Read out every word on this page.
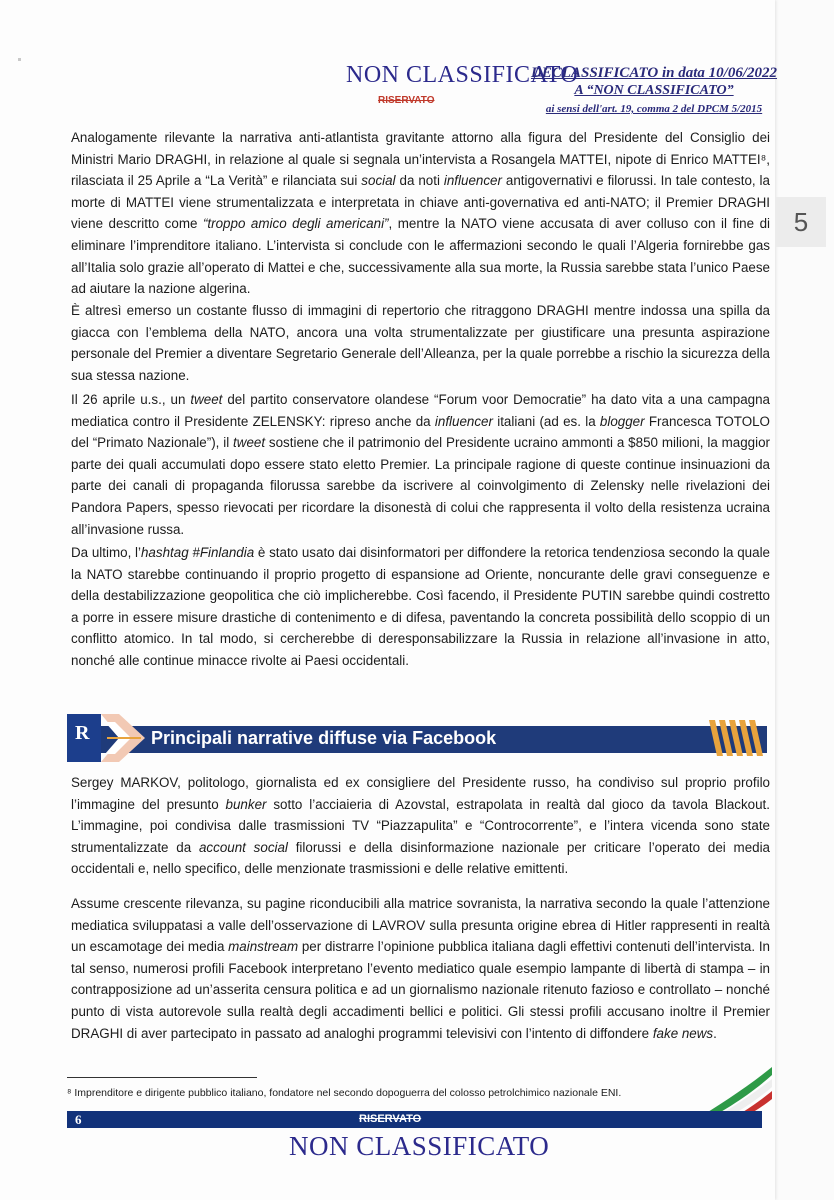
NON CLASSIFICATO
RISERVATO
DECLASSIFICATO in data 10/06/2022
A “NON CLASSIFICATO”
ai sensi dell'art. 19, comma 2 del DPCM 5/2015

Analogamente rilevante la narrativa anti-atlantista gravitante attorno alla figura del Presidente del Consiglio dei Ministri Mario DRAGHI, in relazione al quale si segnala un’intervista a Rosangela MATTEI, nipote di Enrico MATTEI⁸, rilasciata il 25 Aprile a “La Verità” e rilanciata sui social da noti influencer antigovernativi e filorussi. In tale contesto, la morte di MATTEI viene strumentalizzata e interpretata in chiave anti-governativa ed anti-NATO; il Premier DRAGHI viene descritto come “troppo amico degli americani”, mentre la NATO viene accusata di aver colluso con il fine di eliminare l’imprenditore italiano. L’intervista si conclude con le affermazioni secondo le quali l’Algeria fornirebbe gas all’Italia solo grazie all’operato di Mattei e che, successivamente alla sua morte, la Russia sarebbe stata l’unico Paese ad aiutare la nazione algerina.

È altresì emerso un costante flusso di immagini di repertorio che ritraggono DRAGHI mentre indossa una spilla da giacca con l’emblema della NATO, ancora una volta strumentalizzate per giustificare una presunta aspirazione personale del Premier a diventare Segretario Generale dell’Alleanza, per la quale porrebbe a rischio la sicurezza della sua stessa nazione.

Il 26 aprile u.s., un tweet del partito conservatore olandese “Forum voor Democratie” ha dato vita a una campagna mediatica contro il Presidente ZELENSKY: ripreso anche da influencer italiani (ad es. la blogger Francesca TOTOLO del “Primato Nazionale”), il tweet sostiene che il patrimonio del Presidente ucraino ammonti a $850 milioni, la maggior parte dei quali accumulati dopo essere stato eletto Premier. La principale ragione di queste continue insinuazioni da parte dei canali di propaganda filorussa sarebbe da iscrivere al coinvolgimento di Zelensky nelle rivelazioni dei Pandora Papers, spesso rievocati per ricordare la disonestà di colui che rappresenta il volto della resistenza ucraina all’invasione russa.

Da ultimo, l’hashtag #Finlandia è stato usato dai disinformatori per diffondere la retorica tendenziosa secondo la quale la NATO starebbe continuando il proprio progetto di espansione ad Oriente, noncurante delle gravi conseguenze e della destabilizzazione geopolitica che ciò implicherebbe. Così facendo, il Presidente PUTIN sarebbe quindi costretto a porre in essere misure drastiche di contenimento e di difesa, paventando la concreta possibilità dello scoppio di un conflitto atomico. In tal modo, si cercherebbe di deresponsabilizzare la Russia in relazione all’invasione in atto, nonché alle continue minacce rivolte ai Paesi occidentali.

R	Principali narrative diffuse via Facebook

Sergey MARKOV, politologo, giornalista ed ex consigliere del Presidente russo, ha condiviso sul proprio profilo l’immagine del presunto bunker sotto l’acciaieria di Azovstal, estrapolata in realtà dal gioco da tavola Blackout. L’immagine, poi condivisa dalle trasmissioni TV “Piazzapulita” e “Controcorrente”, e l’intera vicenda sono state strumentalizzate da account social filorussi e della disinformazione nazionale per criticare l’operato dei media occidentali e, nello specifico, delle menzionate trasmissioni e delle relative emittenti.

Assume crescente rilevanza, su pagine riconducibili alla matrice sovranista, la narrativa secondo la quale l’attenzione mediatica sviluppatasi a valle dell’osservazione di LAVROV sulla presunta origine ebrea di Hitler rappresenti in realtà un escamotage dei media mainstream per distrarre l’opinione pubblica italiana dagli effettivi contenuti dell’intervista. In tal senso, numerosi profili Facebook interpretano l’evento mediatico quale esempio lampante di libertà di stampa – in contrapposizione ad un’asserita censura politica e ad un giornalismo nazionale ritenuto fazioso e controllato – nonché punto di vista autorevole sulla realtà degli accadimenti bellici e politici. Gli stessi profili accusano inoltre il Premier DRAGHI di aver partecipato in passato ad analoghi programmi televisivi con l’intento di diffondere fake news.

⁸ Imprenditore e dirigente pubblico italiano, fondatore nel secondo dopoguerra del colosso petrolchimico nazionale ENI.
6	RISERVATO
NON CLASSIFICATO
5
